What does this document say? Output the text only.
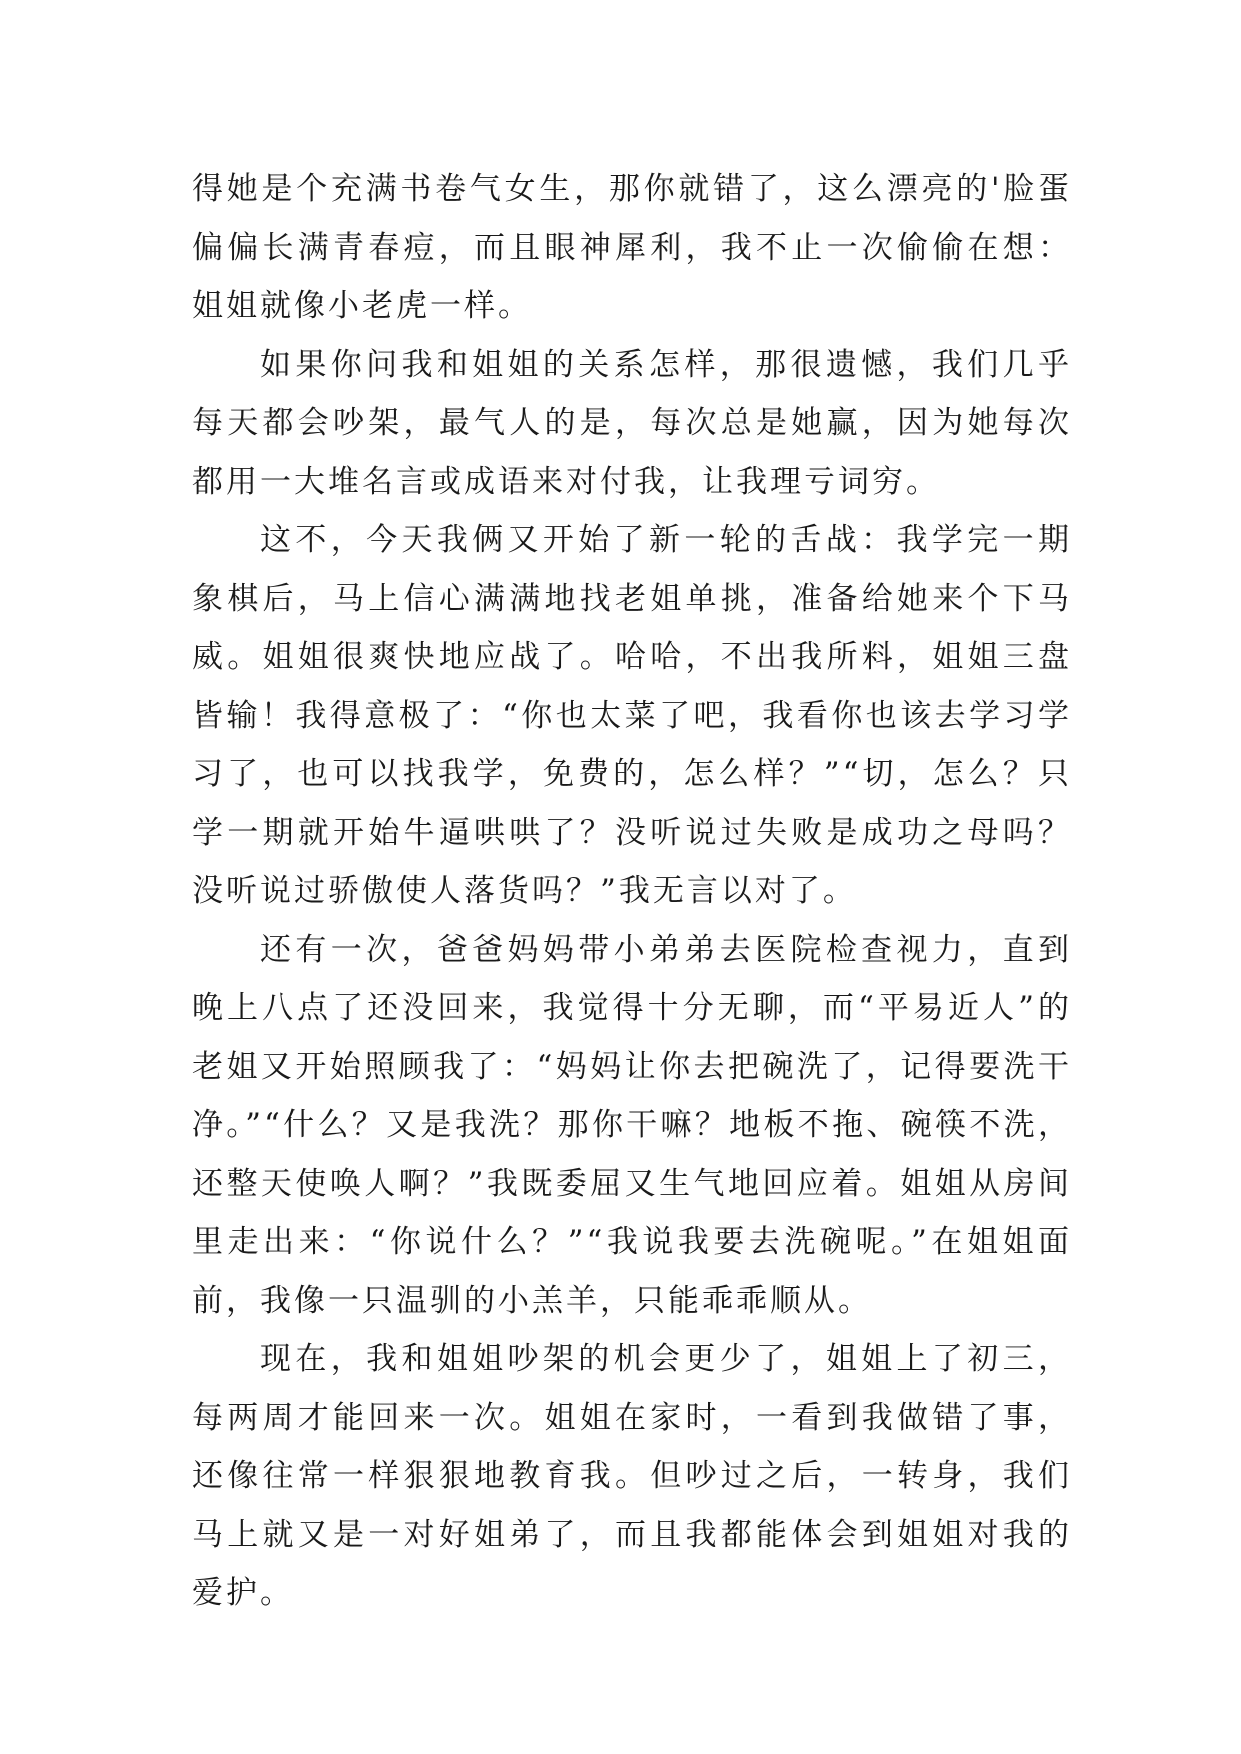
得她是个充满书卷气女生，那你就错了，这么漂亮的'脸蛋偏偏长满青春痘，而且眼神犀利，我不止一次偷偷在想：姐姐就像小老虎一样。

如果你问我和姐姐的关系怎样，那很遗憾，我们几乎每天都会吵架，最气人的是，每次总是她赢，因为她每次都用一大堆名言或成语来对付我，让我理亏词穷。

这不，今天我俩又开始了新一轮的舌战：我学完一期象棋后，马上信心满满地找老姐单挑，准备给她来个下马威。姐姐很爽快地应战了。哈哈，不出我所料，姐姐三盘皆输！我得意极了：“你也太菜了吧，我看你也该去学习学习了，也可以找我学，免费的，怎么样？”“切，怎么？只学一期就开始牛逼哄哄了？没听说过失败是成功之母吗？没听说过骄傲使人落货吗？”我无言以对了。

还有一次，爸爸妈妈带小弟弟去医院检查视力，直到晚上八点了还没回来，我觉得十分无聊，而“平易近人”的老姐又开始照顾我了：“妈妈让你去把碗洗了，记得要洗干净。”“什么？又是我洗？那你干嘛？地板不拖、碗筷不洗，还整天使唤人啊？”我既委屈又生气地回应着。姐姐从房间里走出来：“你说什么？”“我说我要去洗碗呢。”在姐姐面前，我像一只温驯的小羔羊，只能乖乖顺从。

现在，我和姐姐吵架的机会更少了，姐姐上了初三，每两周才能回来一次。姐姐在家时，一看到我做错了事，还像往常一样狠狠地教育我。但吵过之后，一转身，我们马上就又是一对好姐弟了，而且我都能体会到姐姐对我的爱护。
